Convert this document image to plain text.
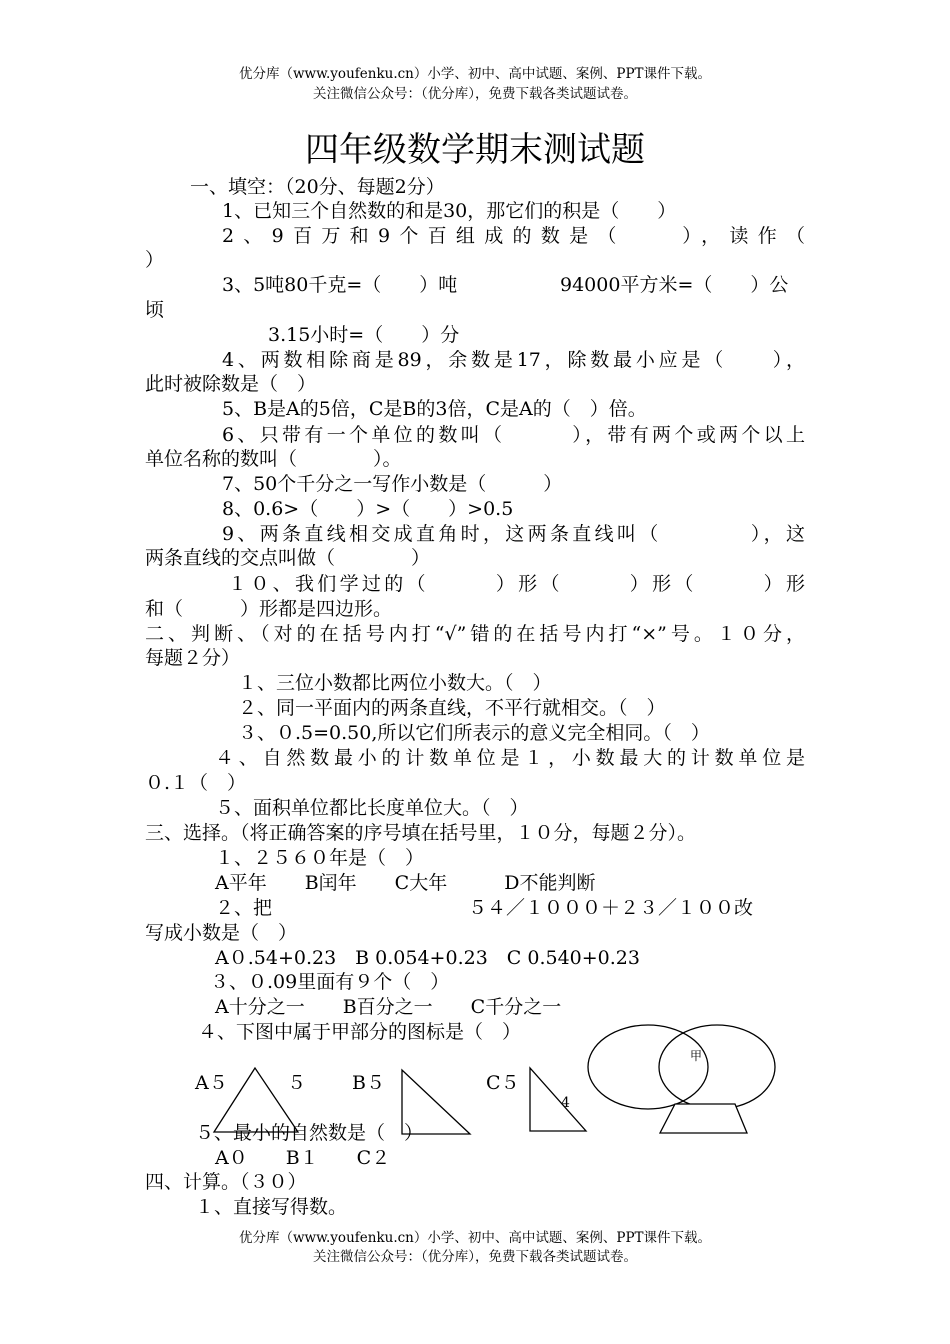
优分库（www.youfenku.cn）小学、初中、高中试题、案例、PPT课件下载。
关注微信公众号：（优分库），免费下载各类试题试卷。
四年级数学期末测试题
一、填空：（20分、每题2分）
1、已知三个自然数的和是30，那它们的积是（　　）
2、9百万和9个百组成的数是（　　），读作（
）
3、5吨80千克=（　　）吨	94000平方米=（　　）公
顷
3.15小时=（　　）分
4、两数相除商是89，余数是17，除数最小应是（　　），
此时被除数是（　）
5、B是A的5倍，C是B的3倍，C是A的（　）倍。
6、只带有一个单位的数叫（　　　），带有两个或两个以上
单位名称的数叫（　　　　）。
7、50个千分之一写作小数是（　　　）
8、0.6>（　　）>（　　）>0.5
9、两条直线相交成直角时，这两条直线叫（　　　　），这
两条直线的交点叫做（　　　　）
１０、我们学过的（　　　）形（　　　）形（　　　）形
和（　　　）形都是四边形。
二、判断、（对的在括号内打“√”错的在括号内打“×”号。１０分，
每题２分）
１、三位小数都比两位小数大。（　）
２、同一平面内的两条直线，不平行就相交。（　）
３、０.5=0.50,所以它们所表示的意义完全相同。（　）
４、自然数最小的计数单位是１，小数最大的计数单位是
０.１（　）
５、面积单位都比长度单位大。（　）
三、选择。（将正确答案的序号填在括号里，１０分，每题２分）。
１、２５６０年是（　）
A平年　　B闰年　　C大年　　　D不能判断
２、把	５４／１０００＋２３／１００改
写成小数是（　）
A０.54+0.23　B 0.054+0.23　C 0.540+0.23
３、０.09里面有９个（　）
A十分之一　　B百分之一　　C千分之一
４、下图中属于甲部分的图标是（　）
A５	５ B５	C５
4
甲
５、最小的自然数是（　）
A０　　B１　　C２
四、计算。（３０）
１、直接写得数。
优分库（www.youfenku.cn）小学、初中、高中试题、案例、PPT课件下载。
关注微信公众号：（优分库），免费下载各类试题试卷。
